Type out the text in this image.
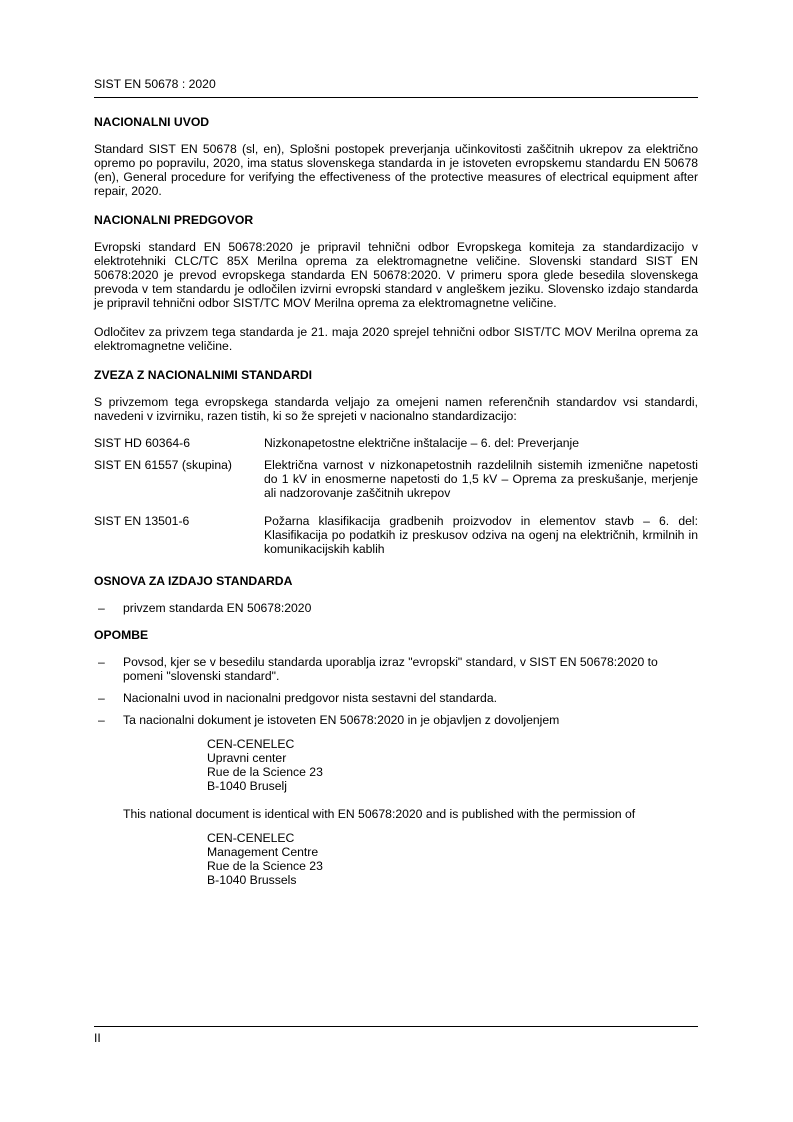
SIST EN 50678 : 2020
NACIONALNI UVOD

Standard SIST EN 50678 (sl, en), Splošni postopek preverjanja učinkovitosti zaščitnih ukrepov za električno opremo po popravilu, 2020, ima status slovenskega standarda in je istoveten evropskemu standardu EN 50678 (en), General procedure for verifying the effectiveness of the protective measures of electrical equipment after repair, 2020.

NACIONALNI PREDGOVOR

Evropski standard EN 50678:2020 je pripravil tehnični odbor Evropskega komiteja za standardizacijo v elektrotehniki CLC/TC 85X Merilna oprema za elektromagnetne veličine. Slovenski standard SIST EN 50678:2020 je prevod evropskega standarda EN 50678:2020. V primeru spora glede besedila slovenskega prevoda v tem standardu je odločilen izvirni evropski standard v angleškem jeziku. Slovensko izdajo standarda je pripravil tehnični odbor SIST/TC MOV Merilna oprema za elektromagnetne veličine.

Odločitev za privzem tega standarda je 21. maja 2020 sprejel tehnični odbor SIST/TC MOV Merilna oprema za elektromagnetne veličine.

ZVEZA Z NACIONALNIMI STANDARDI

S privzemom tega evropskega standarda veljajo za omejeni namen referenčnih standardov vsi standardi, navedeni v izvirniku, razen tistih, ki so že sprejeti v nacionalno standardizacijo:

SIST HD 60364-6	Nizkonapetostne električne inštalacije – 6. del: Preverjanje
SIST EN 61557 (skupina)	Električna varnost v nizkonapetostnih razdelilnih sistemih izmenične napetosti do 1 kV in enosmerne napetosti do 1,5 kV – Oprema za preskušanje, merjenje ali nadzorovanje zaščitnih ukrepov
SIST EN 13501-6	Požarna klasifikacija gradbenih proizvodov in elementov stavb – 6. del: Klasifikacija po podatkih iz preskusov odziva na ogenj na električnih, krmilnih in komunikacijskih kablih
OSNOVA ZA IZDAJO STANDARDA
– privzem standarda EN 50678:2020
OPOMBE
– Povsod, kjer se v besedilu standarda uporablja izraz "evropski" standard, v SIST EN 50678:2020 to pomeni "slovenski standard".
– Nacionalni uvod in nacionalni predgovor nista sestavni del standarda.
– Ta nacionalni dokument je istoveten EN 50678:2020 in je objavljen z dovoljenjem
CEN-CENELEC
Upravni center
Rue de la Science 23
B-1040 Bruselj
This national document is identical with EN 50678:2020 and is published with the permission of
CEN-CENELEC
Management Centre
Rue de la Science 23
B-1040 Brussels
II
